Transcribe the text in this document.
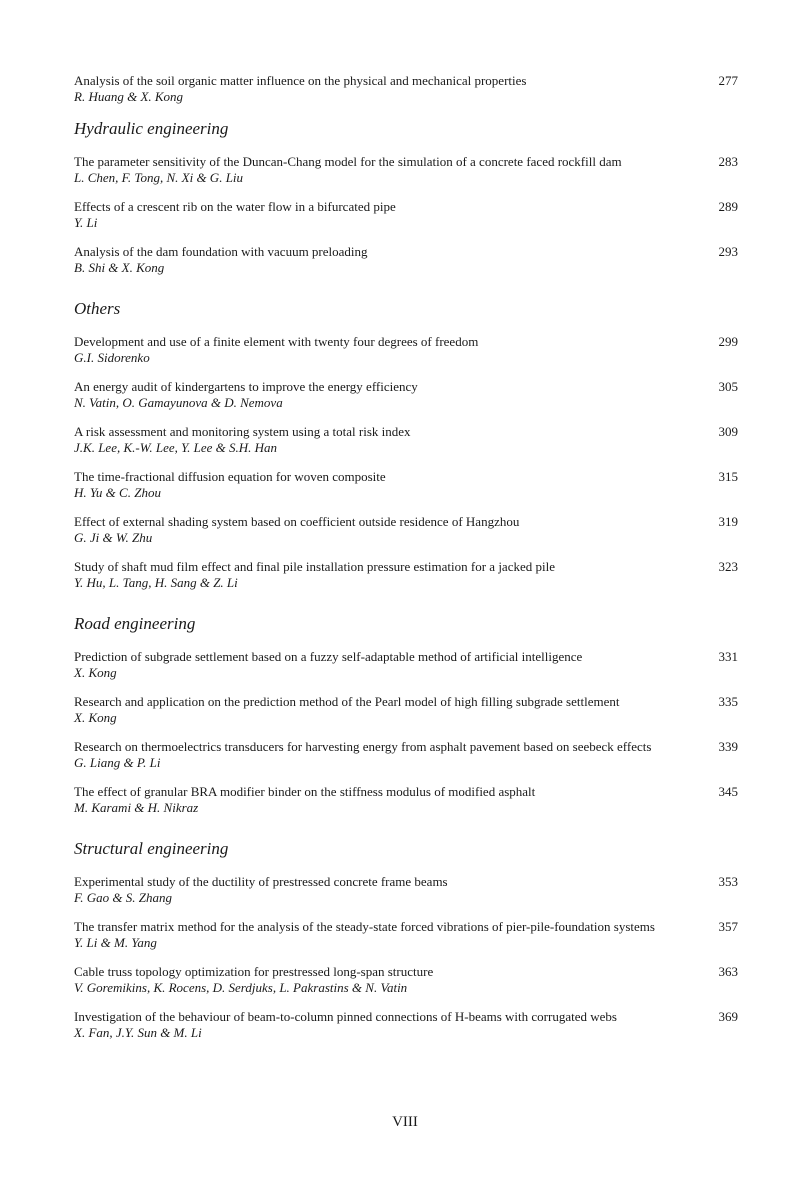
Analysis of the soil organic matter influence on the physical and mechanical properties	277
R. Huang & X. Kong
Hydraulic engineering
The parameter sensitivity of the Duncan-Chang model for the simulation of a concrete faced rockfill dam	283
L. Chen, F. Tong, N. Xi & G. Liu
Effects of a crescent rib on the water flow in a bifurcated pipe	289
Y. Li
Analysis of the dam foundation with vacuum preloading	293
B. Shi & X. Kong
Others
Development and use of a finite element with twenty four degrees of freedom	299
G.I. Sidorenko
An energy audit of kindergartens to improve the energy efficiency	305
N. Vatin, O. Gamayunova & D. Nemova
A risk assessment and monitoring system using a total risk index	309
J.K. Lee, K.-W. Lee, Y. Lee & S.H. Han
The time-fractional diffusion equation for woven composite	315
H. Yu & C. Zhou
Effect of external shading system based on coefficient outside residence of Hangzhou	319
G. Ji & W. Zhu
Study of shaft mud film effect and final pile installation pressure estimation for a jacked pile	323
Y. Hu, L. Tang, H. Sang & Z. Li
Road engineering
Prediction of subgrade settlement based on a fuzzy self-adaptable method of artificial intelligence	331
X. Kong
Research and application on the prediction method of the Pearl model of high filling subgrade settlement	335
X. Kong
Research on thermoelectrics transducers for harvesting energy from asphalt pavement based on seebeck effects	339
G. Liang & P. Li
The effect of granular BRA modifier binder on the stiffness modulus of modified asphalt	345
M. Karami & H. Nikraz
Structural engineering
Experimental study of the ductility of prestressed concrete frame beams	353
F. Gao & S. Zhang
The transfer matrix method for the analysis of the steady-state forced vibrations of pier-pile-foundation systems	357
Y. Li & M. Yang
Cable truss topology optimization for prestressed long-span structure	363
V. Goremikins, K. Rocens, D. Serdjuks, L. Pakrastins & N. Vatin
Investigation of the behaviour of beam-to-column pinned connections of H-beams with corrugated webs	369
X. Fan, J.Y. Sun & M. Li
VIII
